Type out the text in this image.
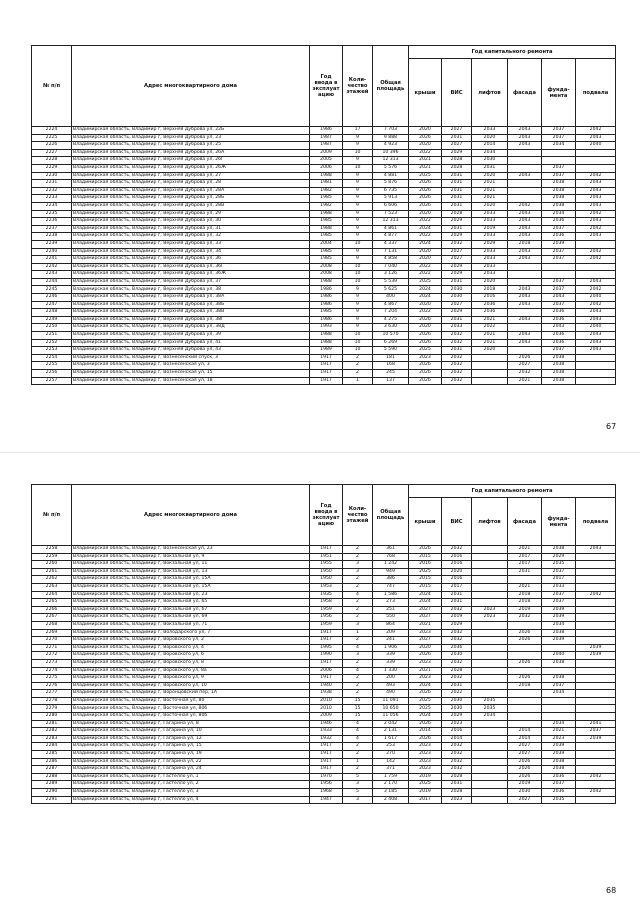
№ п/п	Адрес многоквартирного дома	Год ввода в эксплуат ацию	Коли-чество этажей	Общая площадь	Год капитального ремонта					
					крыши	ВИС	лифтов	фасада	фунда-мента	подвала
2224	Владимирская область, Владимир г, Верхняя Дуброва ул, 22Б	1986	17	7 703	2020	2027	2033	2043	2037	2042
2225	Владимирская область, Владимир г, Верхняя Дуброва ул, 23	1987	9	9 888	2026	2031	2020	2043	2037	2043
2226	Владимирская область, Владимир г, Верхняя Дуброва ул, 25	1987	9	4 923	2020	2027	2014	2043	2034	2040
2227	Владимирская область, Владимир г, Верхняя Дуброва ул, 26А	2009	10	10 396	2022	2029	2034			
2228	Владимирская область, Владимир г, Верхняя Дуброва ул, 26Г	2005	9	12 313	2021	2028	2030			
2229	Владимирская область, Владимир г, Верхняя Дуброва ул, 26Ж	2006	10	5 576	2021	2028	2031		2037	
2230	Владимирская область, Владимир г, Верхняя Дуброва ул, 27	1988	9	4 881	2025	2031	2020	2043	2037	2042
2231	Владимирская область, Владимир г, Верхняя Дуброва ул, 28	1981	9	5 876	2026	2031	2021		2038	2043
2232	Владимирская область, Владимир г, Верхняя Дуброва ул, 28А	1982	9	6 735	2026	2031	2021		2038	2043
2233	Владимирская область, Владимир г, Верхняя Дуброва ул, 28Б	1985	9	5 913	2026	2031	2021		2038	2043
2234	Владимирская область, Владимир г, Верхняя Дуброва ул, 28В	1982	9	6 606	2026	2031	2020	2042	2038	2043
2235	Владимирская область, Владимир г, Верхняя Дуброва ул, 29	1988	9	7 523	2020	2028	2033	2043	2034	2042
2236	Владимирская область, Владимир г, Верхняя Дуброва ул, 30	1985	9	12 313	2022	2029	2033	2043	2036	2043
2237	Владимирская область, Владимир г, Верхняя Дуброва ул, 31	1988	9	4 861	2024	2031	2019	2043	2037	2042
2238	Владимирская область, Владимир г, Верхняя Дуброва ул, 32	1985	9	4 877	2022	2029	2033	2043	2036	2043
2239	Владимирская область, Владимир г, Верхняя Дуброва ул, 33	2004	10	4 337	2024	2032	2029	2018	2039	
2240	Владимирская область, Владимир г, Верхняя Дуброва ул, 34	1985	9	7 131	2020	2027	2033	2043	2037	2042
2241	Владимирская область, Владимир г, Верхняя Дуброва ул, 36	1985	9	4 858	2020	2027	2033	2043	2037	2042
2242	Владимирская область, Владимир г, Верхняя Дуброва ул, 36Г	2008	10	7 040	2022	2029	2033			
2243	Владимирская область, Владимир г, Верхняя Дуброва ул, 36Ж	2008	10	3 126	2022	2029	2033			
2244	Владимирская область, Владимир г, Верхняя Дуброва ул, 37	1988	10	5 539	2025	2031	2020		2037	2043
2245	Владимирская область, Владимир г, Верхняя Дуброва ул, 38	1986	9	5 625	2024	2030	2018	2043	2037	2042
2246	Владимирская область, Владимир г, Верхняя Дуброва ул, 38А	1986	9	400	2024	2030	2016	2043	2043	2040
2247	Владимирская область, Владимир г, Верхняя Дуброва ул, 38Б	1986	9	4 867	2020	2027	2036	2043	2037	2042
2248	Владимирская область, Владимир г, Верхняя Дуброва ул, 38В	1985	9	7 204	2022	2029	2036		2036	2043
2249	Владимирская область, Владимир г, Верхняя Дуброва ул, 38Г	1986	9	4 275	2026	2031	2021	2043	2036	2043
2250	Владимирская область, Владимир г, Верхняя Дуброва ул, 38Д	1993	9	3 630	2020	2033	2022		2043	2040
2251	Владимирская область, Владимир г, Верхняя Дуброва ул, 39	1988	10	10 570	2026	2032	2021	2043	2036	2043
2252	Владимирская область, Владимир г, Верхняя Дуброва ул, 41	1988	10	6 269	2026	2032	2021	2043	2036	2043
2253	Владимирская область, Владимир г, Верхняя Дуброва ул, 43	1989	10	5 590	2025	2031	2020		2037	2043
2254	Владимирская область, Владимир г, Вознесенский спуск, 3	1917	2	181	2023	2032		2026	2038	
2255	Владимирская область, Владимир г, Вознесенская ул, 3	1917	2	168	2026	2032		2027	2038	
2256	Владимирская область, Владимир г, Вознесенская ул, 15	1917	2	245	2026	2032		2032	2038	
2257	Владимирская область, Владимир г, Вознесенская ул, 18	1917	1	137	2026	2032		2021	2038	
67
№ п/п	Адрес многоквартирного дома	Год ввода в эксплуат ацию	Коли-чество этажей	Общая площадь	Год капитального ремонта					
					крыши	ВИС	лифтов	фасада	фунда-мента	подвала
2258	Владимирская область, Владимир г, Вознесенская ул, 23	1917	2	361	2026	2032		2021	2038	2043
2259	Владимирская область, Владимир г, Вокзальная ул, 9	1951	2	768	2015	2016		2017	2029	
2260	Владимирская область, Владимир г, Вокзальная ул, 11	1955	3	1 242	2016	2016		2017	2035	
2261	Владимирская область, Владимир г, Вокзальная ул, 13	1950	3	949	2025	2020		2031	2037	
2262	Владимирская область, Владимир г, Вокзальная ул, 15А	1950	2	386	2015	2016			2017	
2263	Владимирская область, Владимир г, Вокзальная ул, 15А	1953	2	747	2015	2017		2021	2033	
2264	Владимирская область, Владимир г, Вокзальная ул, 23	1935	4	1 586	2024	2031		2018	2037	2042
2265	Владимирская область, Владимир г, Вокзальная ул, 65	1958	2	273	2024	2031		2018	2037	
2266	Владимирская область, Владимир г, Вокзальная ул, 67	1959	2	251	2027	2032	2023	2019	2039	
2267	Владимирская область, Владимир г, Вокзальная ул, 69	1956	2	550	2027	2019	2023	2032	2039	
2268	Владимирская область, Владимир г, Вокзальная ул, 71	1959	3	864	2021	2029			2034	
2269	Владимирская область, Владимир г, Володарского ул, 7	1917	1	209	2023	2032		2026	2038	
2270	Владимирская область, Владимир г, Воровского ул, 2	1917	2	241	2027	2032		2026	2039	
2271	Владимирская область, Владимир г, Воровского ул, 4	1995	4	1 906	2020	2036				2039
2272	Владимирская область, Владимир г, Воровского ул, 6	1990	3	339	2026	2030			2040	2039
2273	Владимирская область, Владимир г, Воровского ул, 8	1917	2	339	2023	2032		2026	2038	
2274	Владимирская область, Владимир г, Воровского ул, 8а	2006	4	1 330	2021	2028				
2275	Владимирская область, Владимир г, Воровского ул, 9	1917	2	200	2023	2032		2026	2038	
2276	Владимирская область, Владимир г, Воровского ул, 10	1940	2	493	2024	2031		2018	2037	
2277	Владимирская область, Владимир г, Воронцовский пер, 1А	1938	2	490	2026	2022			2034	
2278	Владимирская область, Владимир г, Восточная ул, 80	2010	15	11 091	2025	2030	2035			
2279	Владимирская область, Владимир г, Восточная ул, 80б	2010	15	10 650	2025	2030	2035			
2280	Владимирская область, Владимир г, Восточная ул, 80б	2009	15	11 056	2024	2029	2034			
2281	Владимирская область, Владимир г, Гагарина ул, 8	1946	4	2 042	2026	2023			2034	2041
2282	Владимирская область, Владимир г, Гагарина ул, 10	1933	4	2 131	2014	2016		2014	2021	2037
2283	Владимирская область, Владимир г, Гагарина ул, 12	1932	4	1 617	2026	2014		2014	2023	2039
2284	Владимирская область, Владимир г, Гагарина ул, 15	1917	2	253	2023	2032		2027	2039	
2285	Владимирская область, Владимир г, Гагарина ул, 19	1917	2	270	2023	2032		2027	2039	
2286	Владимирская область, Владимир г, Гагарина ул, 22	1917	1	142	2023	2032		2026	2038	
2287	Владимирская область, Владимир г, Гагарина ул, 24	1917	2	371	2023	2032		2026	2038	
2288	Владимирская область, Владимир г, Гастелло ул, 1	1970	5	1 759	2019	2028		2026	2036	2042
2289	Владимирская область, Владимир г, Гастелло ул, 2	1956	3	2 170	2025	2031		2019	2037	
2290	Владимирская область, Владимир г, Гастелло ул, 3	1968	5	3 185	2019	2028		2030	2036	2042
2291	Владимирская область, Владимир г, Гастелло ул, 4	1947	3	2 408	2017	2023		2027	2035	
68
